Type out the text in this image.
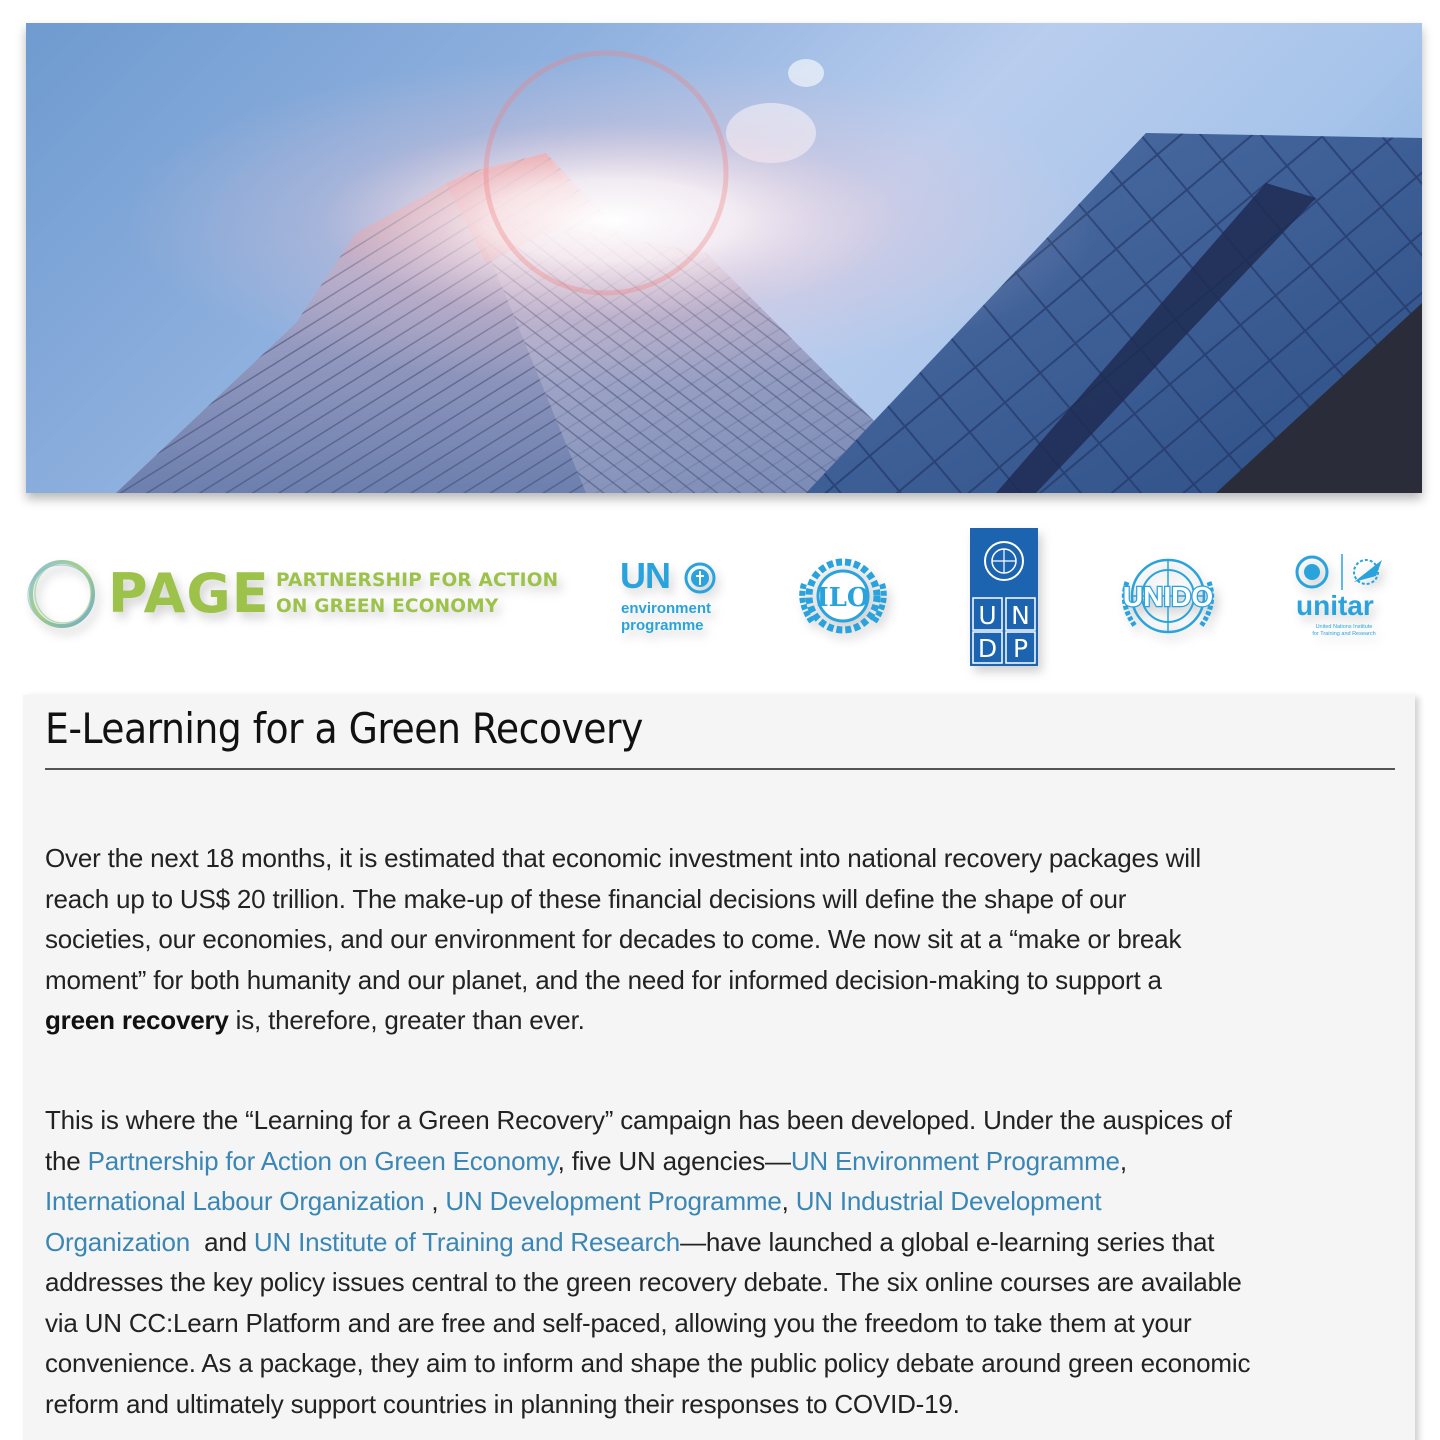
PAGE PARTNERSHIP FOR ACTION
ON GREEN ECONOMY
UN
environment
programme
ILO
U N
D P
UNIDO	unitar
United Nations Institute
for Training and Research
E-Learning for a Green Recovery

Over the next 18 months, it is estimated that economic investment into national recovery packages will
reach up to US$ 20 trillion. The make-up of these financial decisions will define the shape of our
societies, our economies, and our environment for decades to come. We now sit at a “make or break
moment” for both humanity and our planet, and the need for informed decision-making to support a
green recovery is, therefore, greater than ever.

This is where the “Learning for a Green Recovery” campaign has been developed. Under the auspices of
the Partnership for Action on Green Economy, five UN agencies—UN Environment Programme,
International Labour Organization , UN Development Programme, UN Industrial Development
Organization  and UN Institute of Training and Research—have launched a global e-learning series that
addresses the key policy issues central to the green recovery debate. The six online courses are available
via UN CC:Learn Platform and are free and self-paced, allowing you the freedom to take them at your
convenience. As a package, they aim to inform and shape the public policy debate around green economic
reform and ultimately support countries in planning their responses to COVID-19.
